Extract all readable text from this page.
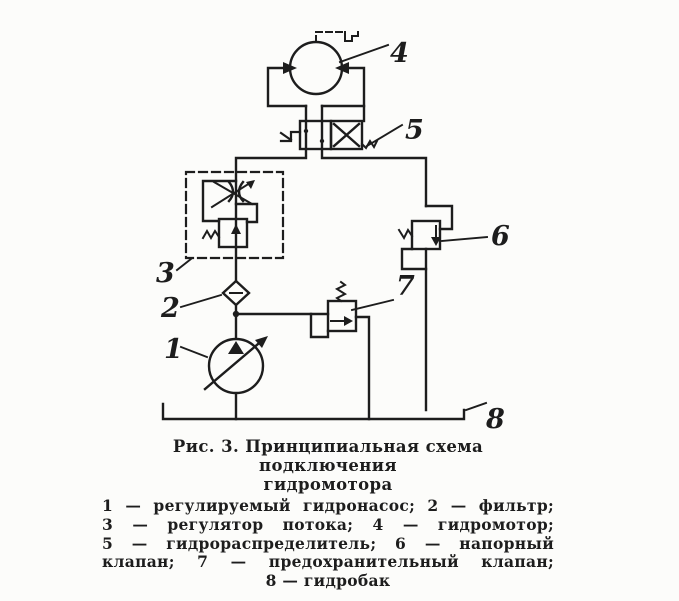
1
2
3
4
5
6
7
8
Рис. 3. Принципиальная схема подключения
гидромотора
1 — регулируемый гидронасос; 2 — фильтр;
3 — регулятор потока; 4 — гидромотор;
5 — гидрораспределитель; 6 — напорный
клапан; 7 — предохранительный клапан;
8 — гидробак
